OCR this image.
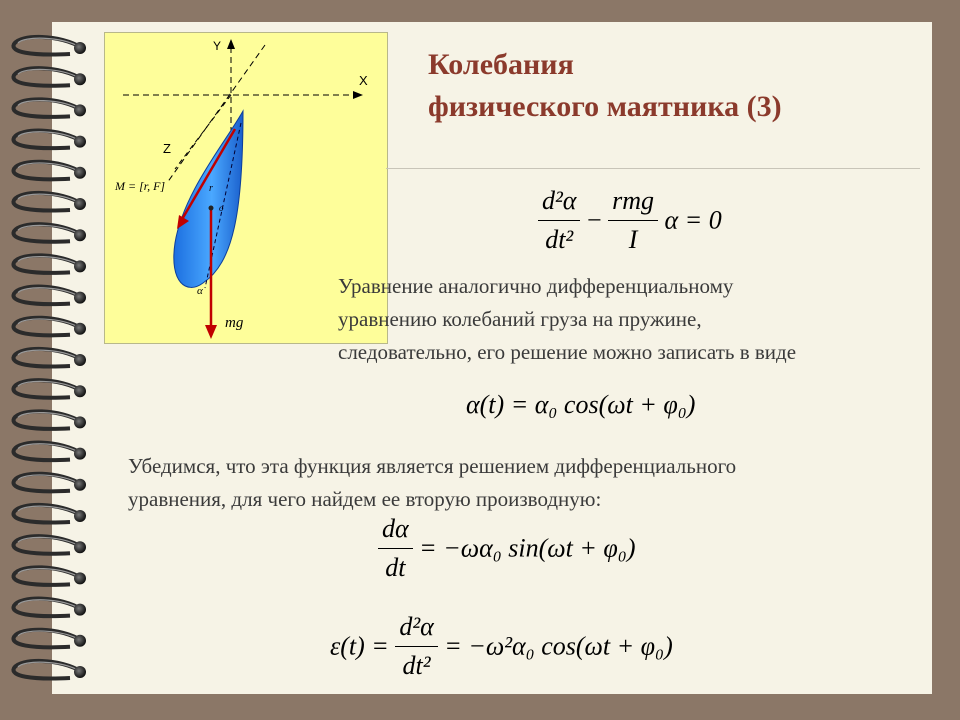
Y
X
Z
M = [r, F]	r
o
α
mg
Колебания
физического маятника (3)
$\frac{\text{d²α}}{\text{dt²}} - \frac{\text{rmg}}{I}$ α = 0
Уравнение аналогично дифференциальному
уравнению колебаний груза на пружине,
следовательно, его решение можно записать в виде
α(t) = α₀ cos(ωt + φ₀)
Убедимся, что эта функция является решением дифференциального
уравнения, для чего найдем ее вторую производную:
$\frac{d\alpha}{dt} = -\omega\alpha_0$ sin(ωt + φ₀)
$\varepsilon(t) = \frac{\text{d²α}}{\text{dt²}} = -\omega^2\alpha_0$ cos(ωt + φ₀)
